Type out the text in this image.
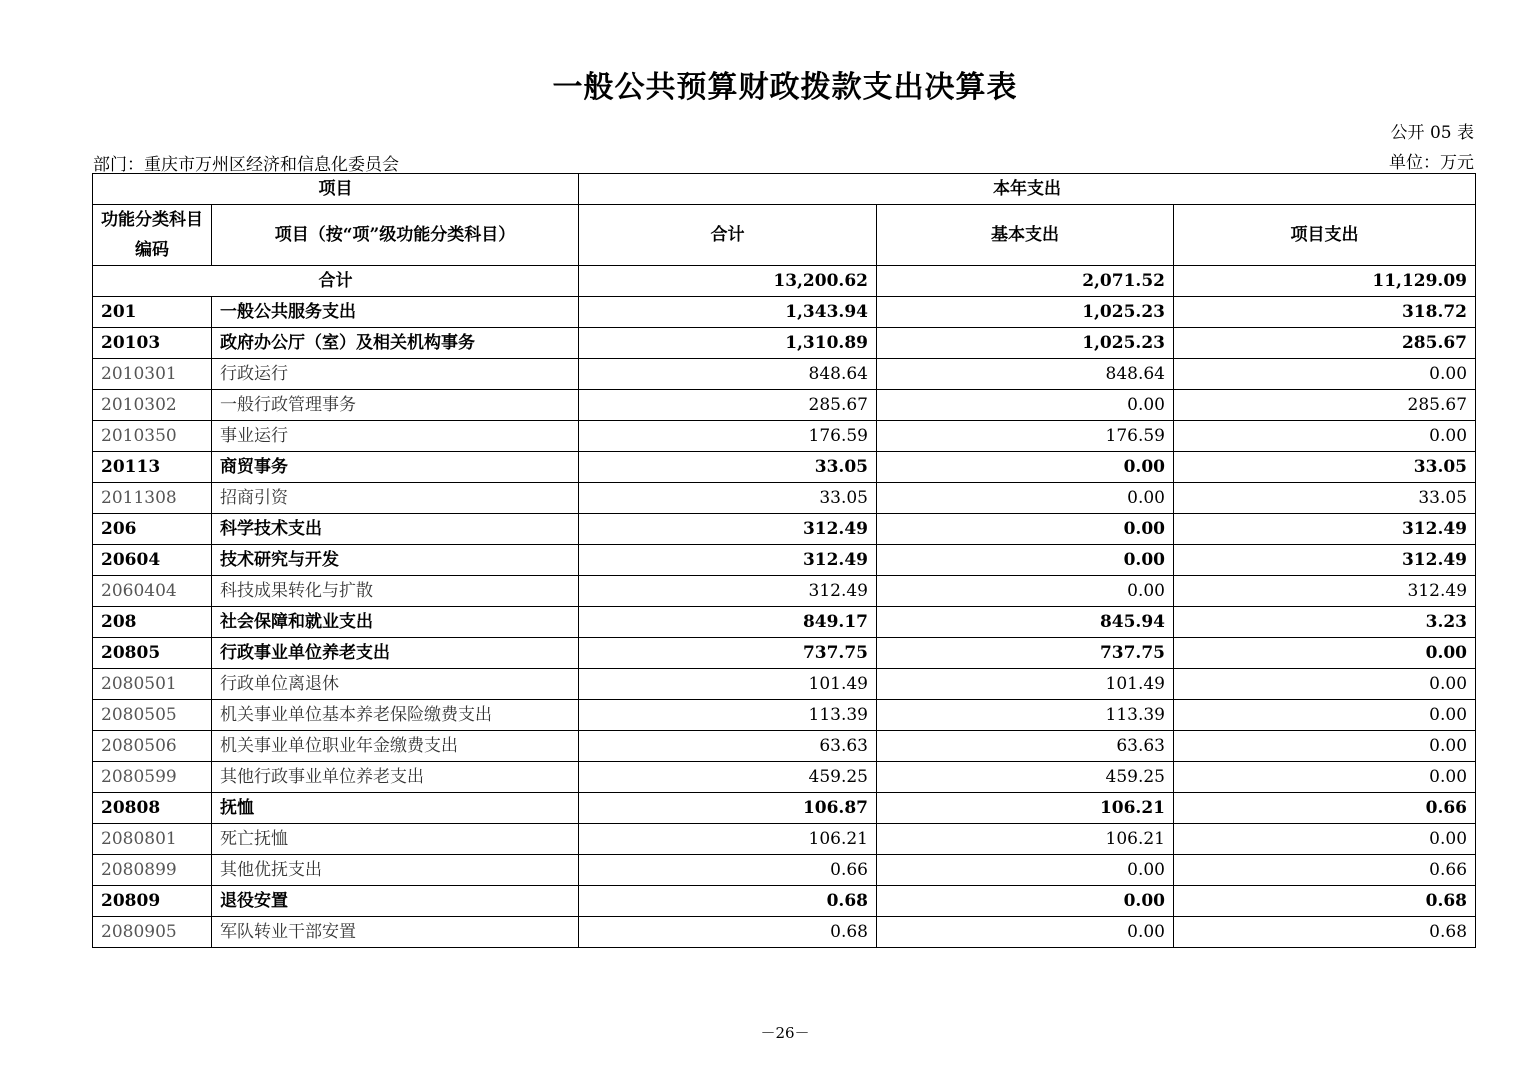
一般公共预算财政拨款支出决算表
公开 05 表
部门：重庆市万州区经济和信息化委员会	单位：万元
项目		本年支出		
功能分类科目编码	项目（按“项”级功能分类科目）	合计	基本支出	项目支出
合计		13,200.62	2,071.52	11,129.09
201	一般公共服务支出	1,343.94	1,025.23	318.72
20103	政府办公厅（室）及相关机构事务	1,310.89	1,025.23	285.67
2010301	行政运行	848.64	848.64	0.00
2010302	一般行政管理事务	285.67	0.00	285.67
2010350	事业运行	176.59	176.59	0.00
20113	商贸事务	33.05	0.00	33.05
2011308	招商引资	33.05	0.00	33.05
206	科学技术支出	312.49	0.00	312.49
20604	技术研究与开发	312.49	0.00	312.49
2060404	科技成果转化与扩散	312.49	0.00	312.49
208	社会保障和就业支出	849.17	845.94	3.23
20805	行政事业单位养老支出	737.75	737.75	0.00
2080501	行政单位离退休	101.49	101.49	0.00
2080505	机关事业单位基本养老保险缴费支出	113.39	113.39	0.00
2080506	机关事业单位职业年金缴费支出	63.63	63.63	0.00
2080599	其他行政事业单位养老支出	459.25	459.25	0.00
20808	抚恤	106.87	106.21	0.66
2080801	死亡抚恤	106.21	106.21	0.00
2080899	其他优抚支出	0.66	0.00	0.66
20809	退役安置	0.68	0.00	0.68
2080905	军队转业干部安置	0.68	0.00	0.68
－26－
